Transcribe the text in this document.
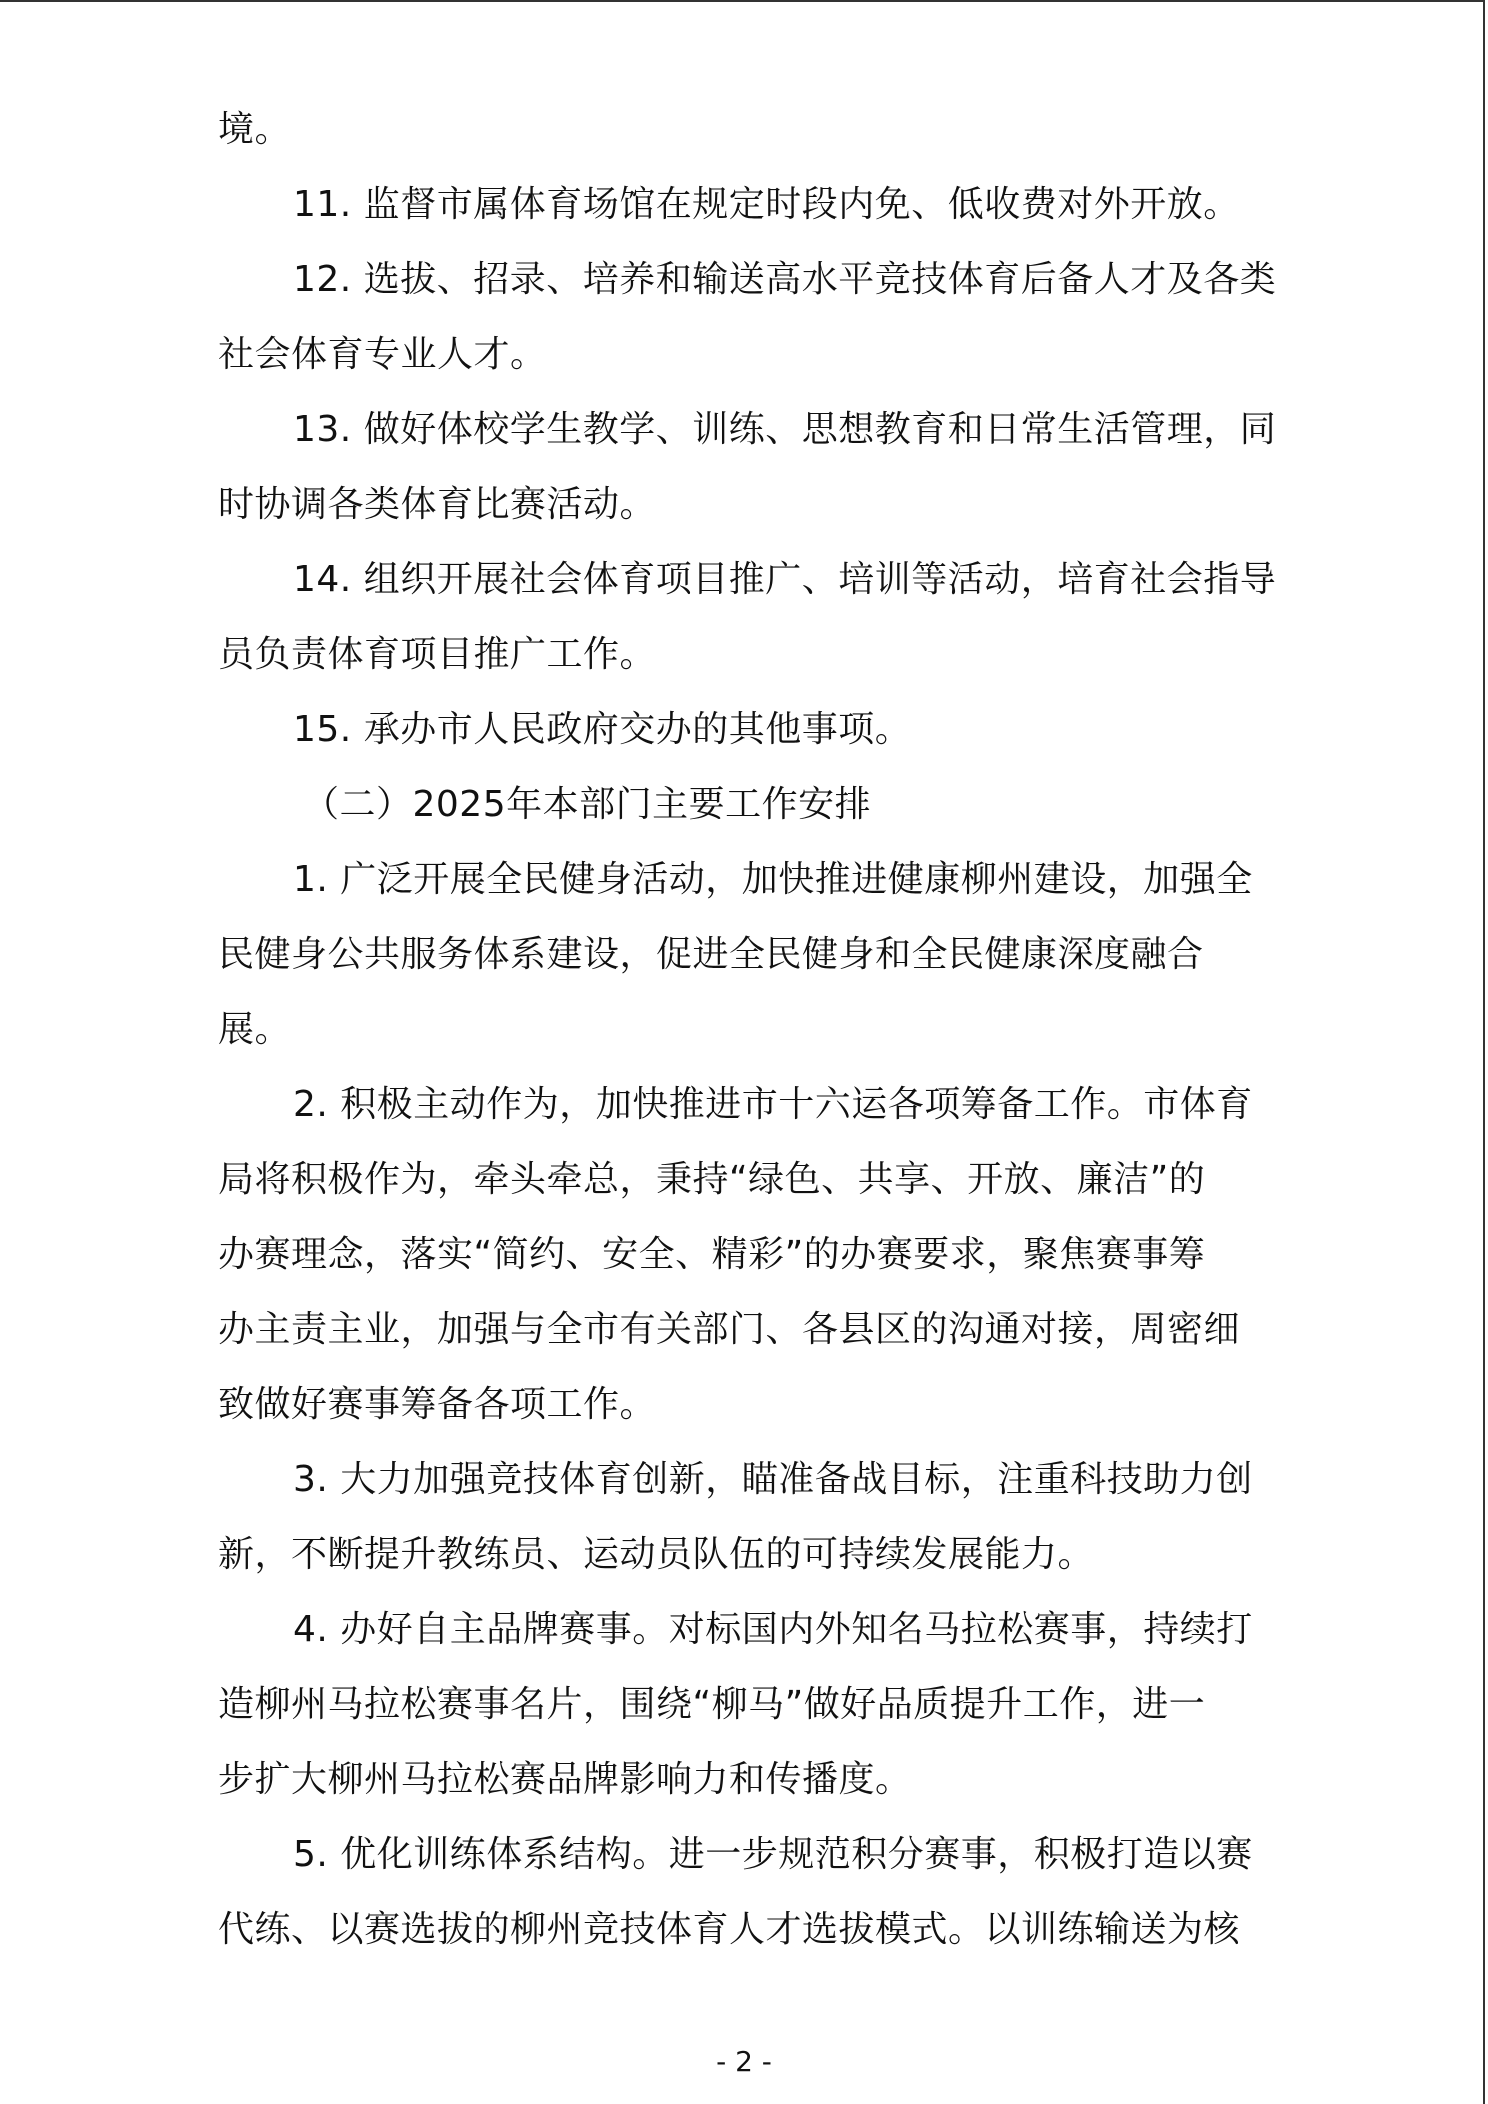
境。
11. 监督市属体育场馆在规定时段内免、低收费对外开放。
12. 选拔、招录、培养和输送高水平竞技体育后备人才及各类
社会体育专业人才。
13. 做好体校学生教学、训练、思想教育和日常生活管理，同
时协调各类体育比赛活动。
14. 组织开展社会体育项目推广、培训等活动，培育社会指导
员负责体育项目推广工作。
15. 承办市人民政府交办的其他事项。
（二）2025年本部门主要工作安排
1. 广泛开展全民健身活动，加快推进健康柳州建设，加强全
民健身公共服务体系建设，促进全民健身和全民健康深度融合
展。
2. 积极主动作为，加快推进市十六运各项筹备工作。市体育
局将积极作为，牵头牵总，秉持“绿色、共享、开放、廉洁”的
办赛理念，落实“简约、安全、精彩”的办赛要求，聚焦赛事筹
办主责主业，加强与全市有关部门、各县区的沟通对接，周密细
致做好赛事筹备各项工作。
3. 大力加强竞技体育创新，瞄准备战目标，注重科技助力创
新，不断提升教练员、运动员队伍的可持续发展能力。
4. 办好自主品牌赛事。对标国内外知名马拉松赛事，持续打
造柳州马拉松赛事名片，围绕“柳马”做好品质提升工作，进一
步扩大柳州马拉松赛品牌影响力和传播度。
5. 优化训练体系结构。进一步规范积分赛事，积极打造以赛
代练、以赛选拔的柳州竞技体育人才选拔模式。以训练输送为核
- 2 -
